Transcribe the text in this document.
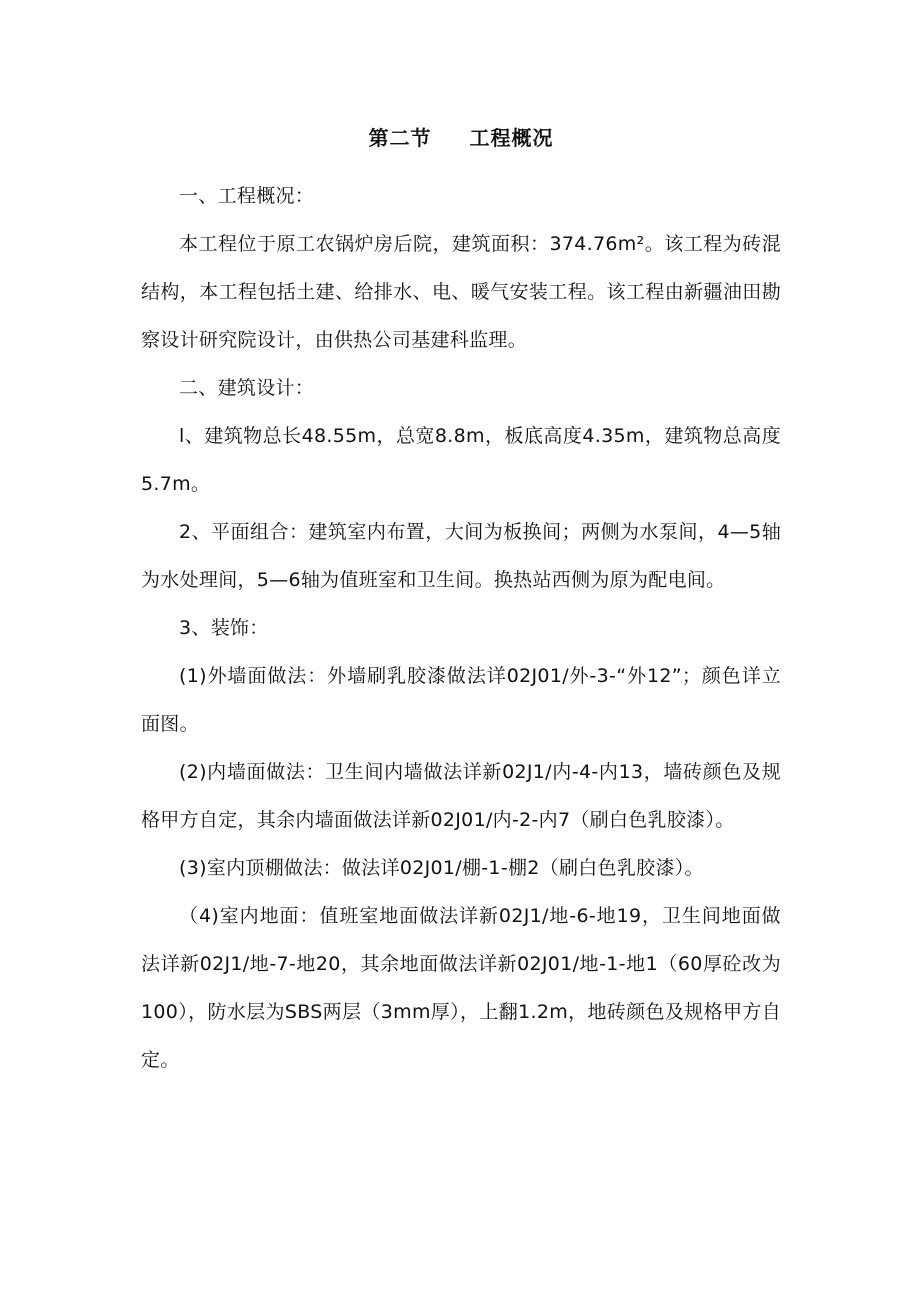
第二节 工程概况

一、工程概况：

本工程位于原工农锅炉房后院，建筑面积：374.76m²。该工程为砖混结构，本工程包括土建、给排水、电、暖气安装工程。该工程由新疆油田勘察设计研究院设计，由供热公司基建科监理。

二、建筑设计：

l、建筑物总长48.55m，总宽8.8m，板底高度4.35m，建筑物总高度5.7m。

2、平面组合：建筑室内布置，大间为板换间；两侧为水泵间，4—5轴为水处理间，5—6轴为值班室和卫生间。换热站西侧为原为配电间。

3、装饰：

(1)外墙面做法：外墙刷乳胶漆做法详02J01/外-3-“外12”；颜色详立面图。

(2)内墙面做法：卫生间内墙做法详新02J1/内-4-内13，墙砖颜色及规格甲方自定，其余内墙面做法详新02J01/内-2-内7（刷白色乳胶漆）。

(3)室内顶棚做法：做法详02J01/棚-1-棚2（刷白色乳胶漆）。

（4)室内地面：值班室地面做法详新02J1/地-6-地19，卫生间地面做法详新02J1/地-7-地20，其余地面做法详新02J01/地-1-地1（60厚砼改为100），防水层为SBS两层（3mm厚），上翻1.2m，地砖颜色及规格甲方自定。
